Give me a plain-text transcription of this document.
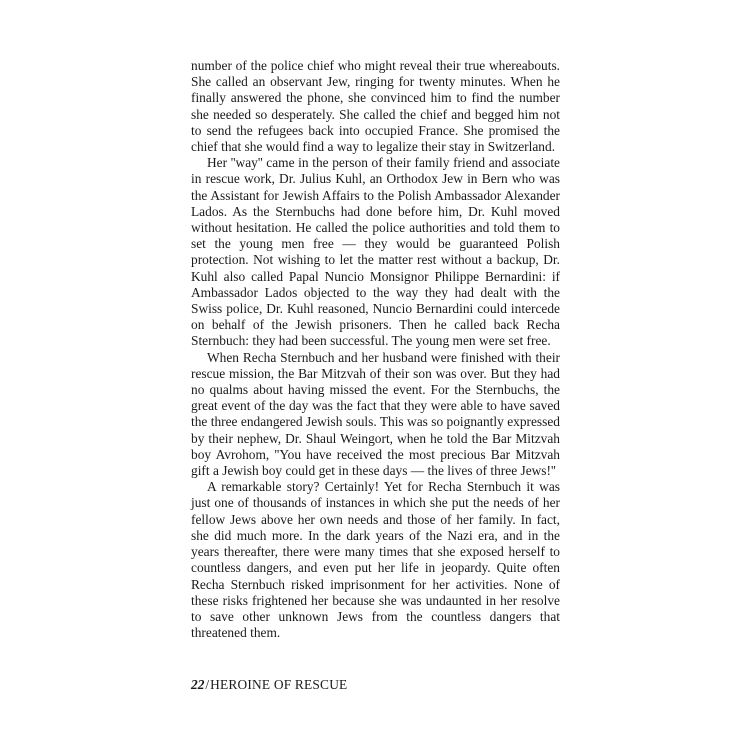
number of the police chief who might reveal their true whereabouts. She called an observant Jew, ringing for twenty minutes. When he finally answered the phone, she convinced him to find the number she needed so desperately. She called the chief and begged him not to send the refugees back into occupied France. She promised the chief that she would find a way to legalize their stay in Switzerland.

Her ''way'' came in the person of their family friend and associate in rescue work, Dr. Julius Kuhl, an Orthodox Jew in Bern who was the Assistant for Jewish Affairs to the Polish Ambassador Alexander Lados. As the Sternbuchs had done before him, Dr. Kuhl moved without hesitation. He called the police authorities and told them to set the young men free — they would be guaranteed Polish protection. Not wishing to let the matter rest without a backup, Dr. Kuhl also called Papal Nuncio Monsignor Philippe Bernardini: if Ambassador Lados objected to the way they had dealt with the Swiss police, Dr. Kuhl reasoned, Nuncio Bernardini could intercede on behalf of the Jewish prisoners. Then he called back Recha Sternbuch: they had been successful. The young men were set free.

When Recha Sternbuch and her husband were finished with their rescue mission, the Bar Mitzvah of their son was over. But they had no qualms about having missed the event. For the Sternbuchs, the great event of the day was the fact that they were able to have saved the three endangered Jewish souls. This was so poignantly expressed by their nephew, Dr. Shaul Weingort, when he told the Bar Mitzvah boy Avrohom, ''You have received the most precious Bar Mitzvah gift a Jewish boy could get in these days — the lives of three Jews!''

A remarkable story? Certainly! Yet for Recha Sternbuch it was just one of thousands of instances in which she put the needs of her fellow Jews above her own needs and those of her family. In fact, she did much more. In the dark years of the Nazi era, and in the years thereafter, there were many times that she exposed herself to countless dangers, and even put her life in jeopardy. Quite often Recha Sternbuch risked imprisonment for her activities. None of these risks frightened her because she was undaunted in her resolve to save other unknown Jews from the countless dangers that threatened them.

22/HEROINE OF RESCUE
